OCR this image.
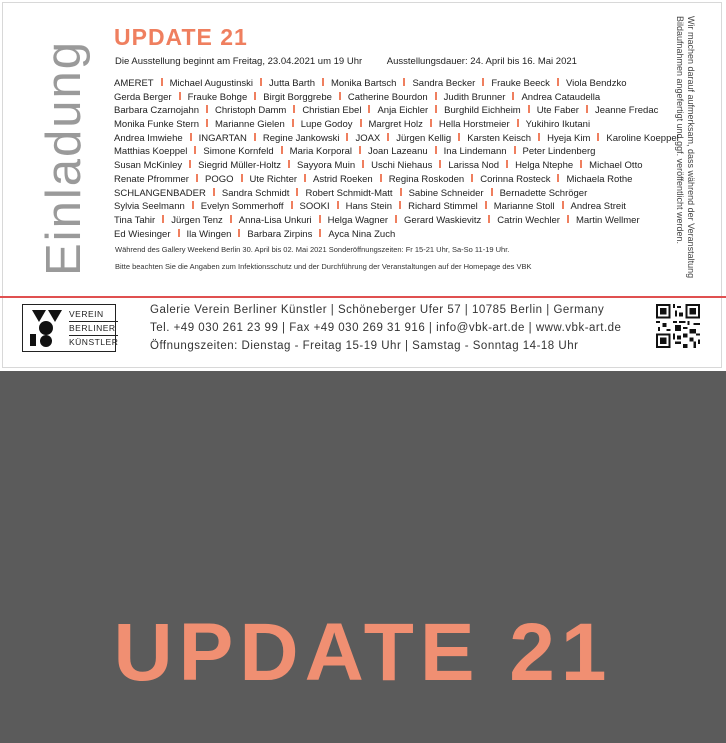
Einladung	Wir machen darauf aufmerksam, dass während der Veranstaltung
Bildaufnahmen angefertigt und ggf. veröffentlicht werden.
UPDATE 21
Die Ausstellung beginnt am Freitag, 23.04.2021 um 19 Uhr	Ausstellungsdauer: 24. April bis 16. Mai 2021
AMERET Michael Augustinski Jutta Barth Monika Bartsch Sandra Becker Frauke Beeck Viola Bendzko
Gerda Berger Frauke Bohge Birgit Borggrebe Catherine Bourdon Judith Brunner Andrea Cataudella
Barbara Czarnojahn Christoph Damm Christian Ebel Anja Eichler Burghild Eichheim Ute Faber Jeanne Fredac
Monika Funke Stern Marianne Gielen Lupe Godoy Margret Holz Hella Horstmeier Yukihiro Ikutani
Andrea Imwiehe INGARTAN Regine Jankowski JOAX Jürgen Kellig Karsten Keisch Hyeja Kim Karoline Koeppel
Matthias Koeppel Simone Kornfeld Maria Korporal Joan Lazeanu Ina Lindemann Peter Lindenberg
Susan McKinley Siegrid Müller-Holtz Sayyora Muin Uschi Niehaus Larissa Nod Helga Ntephe Michael Otto
Renate Pfrommer POGO Ute Richter Astrid Roeken Regina Roskoden Corinna Rosteck Michaela Rothe
SCHLANGENBADER Sandra Schmidt Robert Schmidt-Matt Sabine Schneider Bernadette Schröger
Sylvia Seelmann Evelyn Sommerhoff SOOKI Hans Stein Richard Stimmel Marianne Stoll Andrea Streit
Tina Tahir Jürgen Tenz Anna-Lisa Unkuri Helga Wagner Gerard Waskievitz Catrin Wechler Martin Wellmer
Ed Wiesinger Ila Wingen Barbara Zirpins Ayca Nina Zuch
Während des Gallery Weekend Berlin 30. April bis 02. Mai 2021 Sonderöffnungszeiten: Fr 15-21 Uhr, Sa-So 11-19 Uhr.
Bitte beachten Sie die Angaben zum Infektionsschutz und der Durchführung der Veranstaltungen auf der Homepage des VBK
VEREIN
BERLINER
KÜNSTLER
Galerie Verein Berliner Künstler | Schöneberger Ufer 57 | 10785 Berlin | Germany
Tel. +49 030 261 23 99 | Fax +49 030 269 31 916 | info@vbk-art.de | www.vbk-art.de
Öffnungszeiten: Dienstag - Freitag 15-19 Uhr | Samstag - Sonntag 14-18 Uhr
UPDATE 21
